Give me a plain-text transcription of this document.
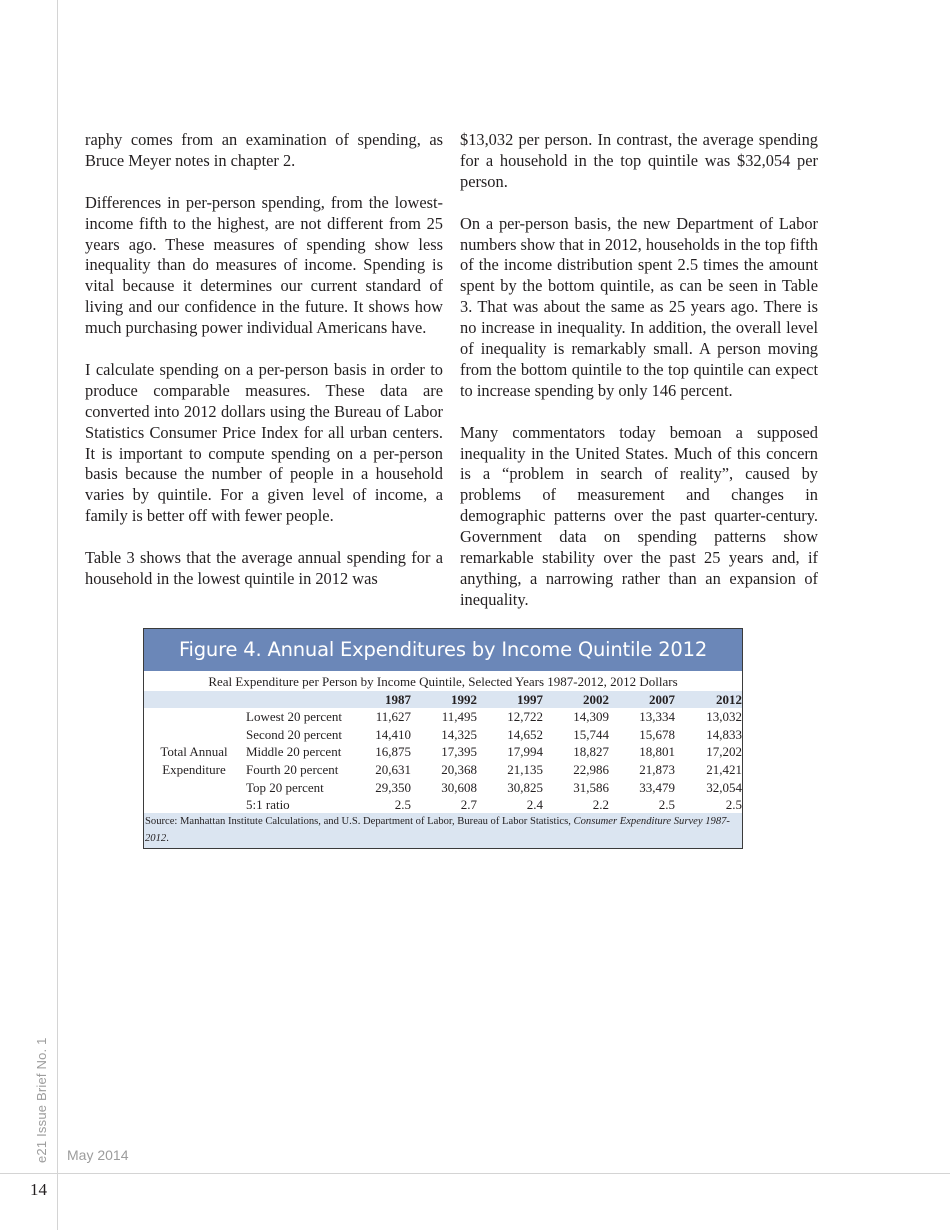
raphy comes from an examination of spending, as Bruce Meyer notes in chapter 2.

Differences in per-person spending, from the lowest-income fifth to the highest, are not different from 25 years ago. These measures of spending show less inequality than do measures of income. Spending is vital because it determines our current standard of living and our confidence in the future. It shows how much purchasing power individual Americans have.

I calculate spending on a per-person basis in order to produce comparable measures. These data are converted into 2012 dollars using the Bureau of Labor Statistics Consumer Price Index for all urban centers. It is important to compute spending on a per-person basis because the number of people in a household varies by quintile. For a given level of income, a family is better off with fewer people.

Table 3 shows that the average annual spending for a household in the lowest quintile in 2012 was

$13,032 per person. In contrast, the average spending for a household in the top quintile was $32,054 per person.

On a per-person basis, the new Department of Labor numbers show that in 2012, households in the top fifth of the income distribution spent 2.5 times the amount spent by the bottom quintile, as can be seen in Table 3. That was about the same as 25 years ago. There is no increase in inequality. In addition, the overall level of inequality is remarkably small. A person moving from the bottom quintile to the top quintile can expect to increase spending by only 146 percent.

Many commentators today bemoan a supposed inequality in the United States. Much of this concern is a “problem in search of reality”, caused by problems of measurement and changes in demographic patterns over the past quarter-century. Government data on spending patterns show remarkable stability over the past 25 years and, if anything, a narrowing rather than an expansion of inequality.

Figure 4. Annual Expenditures by Income Quintile 2012
Real Expenditure per Person by Income Quintile, Selected Years 1987-2012, 2012 Dollars
		1987	1992	1997	2002	2007	2012
	Lowest 20 percent	11,627	11,495	12,722	14,309	13,334	13,032
	Second 20 percent	14,410	14,325	14,652	15,744	15,678	14,833
Total Annual	Middle 20 percent	16,875	17,395	17,994	18,827	18,801	17,202
Expenditure	Fourth 20 percent	20,631	20,368	21,135	22,986	21,873	21,421
	Top 20 percent	29,350	30,608	30,825	31,586	33,479	32,054
	5:1 ratio	2.5	2.7	2.4	2.2	2.5	2.5
Source: Manhattan Institute Calculations, and U.S. Department of Labor, Bureau of Labor Statistics, Consumer Expenditure Survey 1987-2012.
e21 Issue Brief No. 1 May 2014
14
